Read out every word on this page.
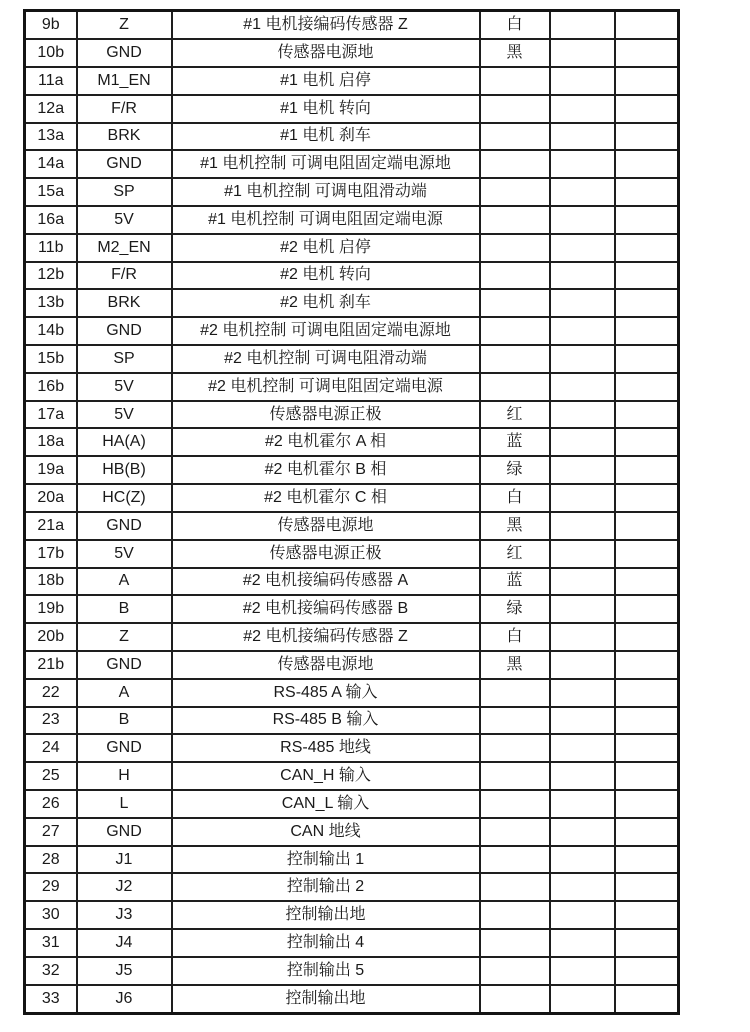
9b	Z	#1 电机接编码传感器 Z	白		
10b	GND	传感器电源地	黑		
11a	M1_EN	#1 电机 启停			
12a	F/R	#1 电机 转向			
13a	BRK	#1 电机 刹车			
14a	GND	#1 电机控制 可调电阻固定端电源地			
15a	SP	#1 电机控制 可调电阻滑动端			
16a	5V	#1 电机控制 可调电阻固定端电源			
11b	M2_EN	#2 电机 启停			
12b	F/R	#2 电机 转向			
13b	BRK	#2 电机 刹车			
14b	GND	#2 电机控制 可调电阻固定端电源地			
15b	SP	#2 电机控制 可调电阻滑动端			
16b	5V	#2 电机控制 可调电阻固定端电源			
17a	5V	传感器电源正极	红		
18a	HA(A)	#2 电机霍尔 A 相	蓝		
19a	HB(B)	#2 电机霍尔 B 相	绿		
20a	HC(Z)	#2 电机霍尔 C 相	白		
21a	GND	传感器电源地	黑		
17b	5V	传感器电源正极	红		
18b	A	#2 电机接编码传感器 A	蓝		
19b	B	#2 电机接编码传感器 B	绿		
20b	Z	#2 电机接编码传感器 Z	白		
21b	GND	传感器电源地	黑		
22	A	RS-485 A 输入			
23	B	RS-485 B 输入			
24	GND	RS-485 地线			
25	H	CAN_H 输入			
26	L	CAN_L 输入			
27	GND	CAN 地线			
28	J1	控制输出 1			
29	J2	控制输出 2			
30	J3	控制输出地			
31	J4	控制输出 4			
32	J5	控制输出 5			
33	J6	控制输出地			
